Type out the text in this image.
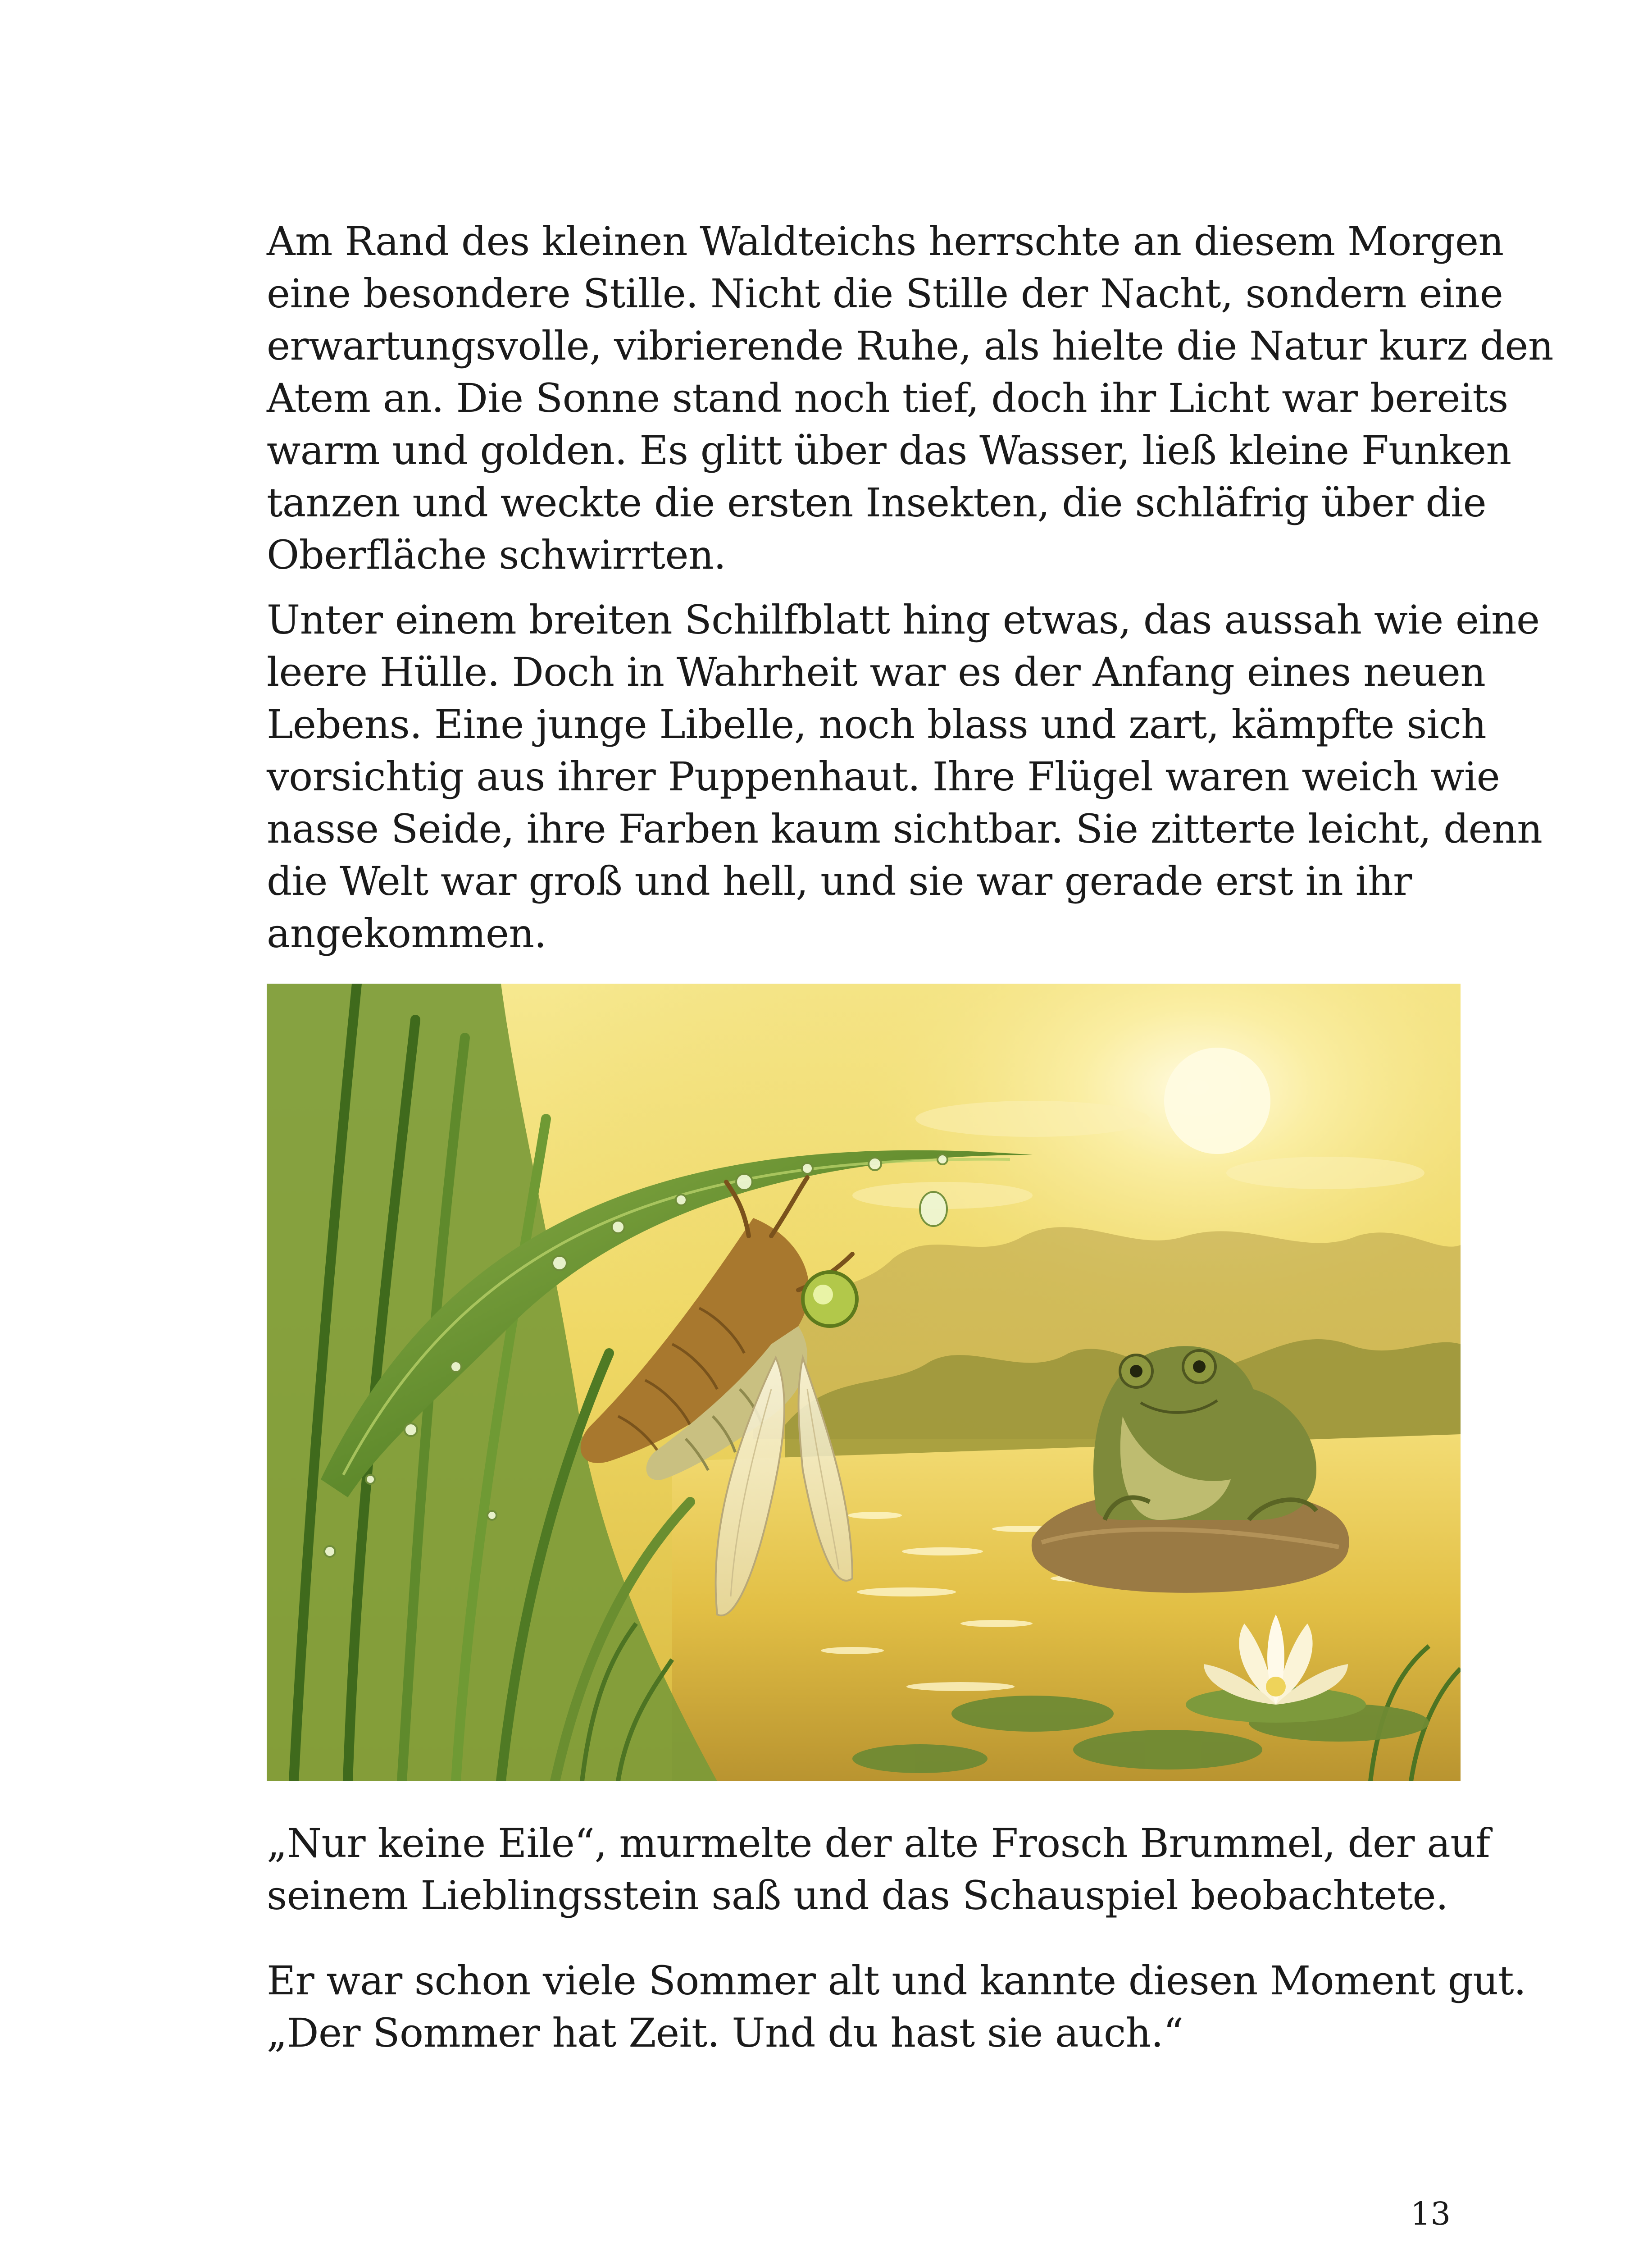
Am Rand des kleinen Waldteichs herrschte an diesem Morgen
eine besondere Stille. Nicht die Stille der Nacht, sondern eine
erwartungsvolle, vibrierende Ruhe, als hielte die Natur kurz den
Atem an. Die Sonne stand noch tief, doch ihr Licht war bereits
warm und golden. Es glitt über das Wasser, ließ kleine Funken
tanzen und weckte die ersten Insekten, die schläfrig über die
Oberfläche schwirrten.

Unter einem breiten Schilfblatt hing etwas, das aussah wie eine
leere Hülle. Doch in Wahrheit war es der Anfang eines neuen
Lebens. Eine junge Libelle, noch blass und zart, kämpfte sich
vorsichtig aus ihrer Puppenhaut. Ihre Flügel waren weich wie
nasse Seide, ihre Farben kaum sichtbar. Sie zitterte leicht, denn
die Welt war groß und hell, und sie war gerade erst in ihr
angekommen.

„Nur keine Eile“, murmelte der alte Frosch Brummel, der auf
seinem Lieblingsstein saß und das Schauspiel beobachtete.

Er war schon viele Sommer alt und kannte diesen Moment gut.
„Der Sommer hat Zeit. Und du hast sie auch.“

13
